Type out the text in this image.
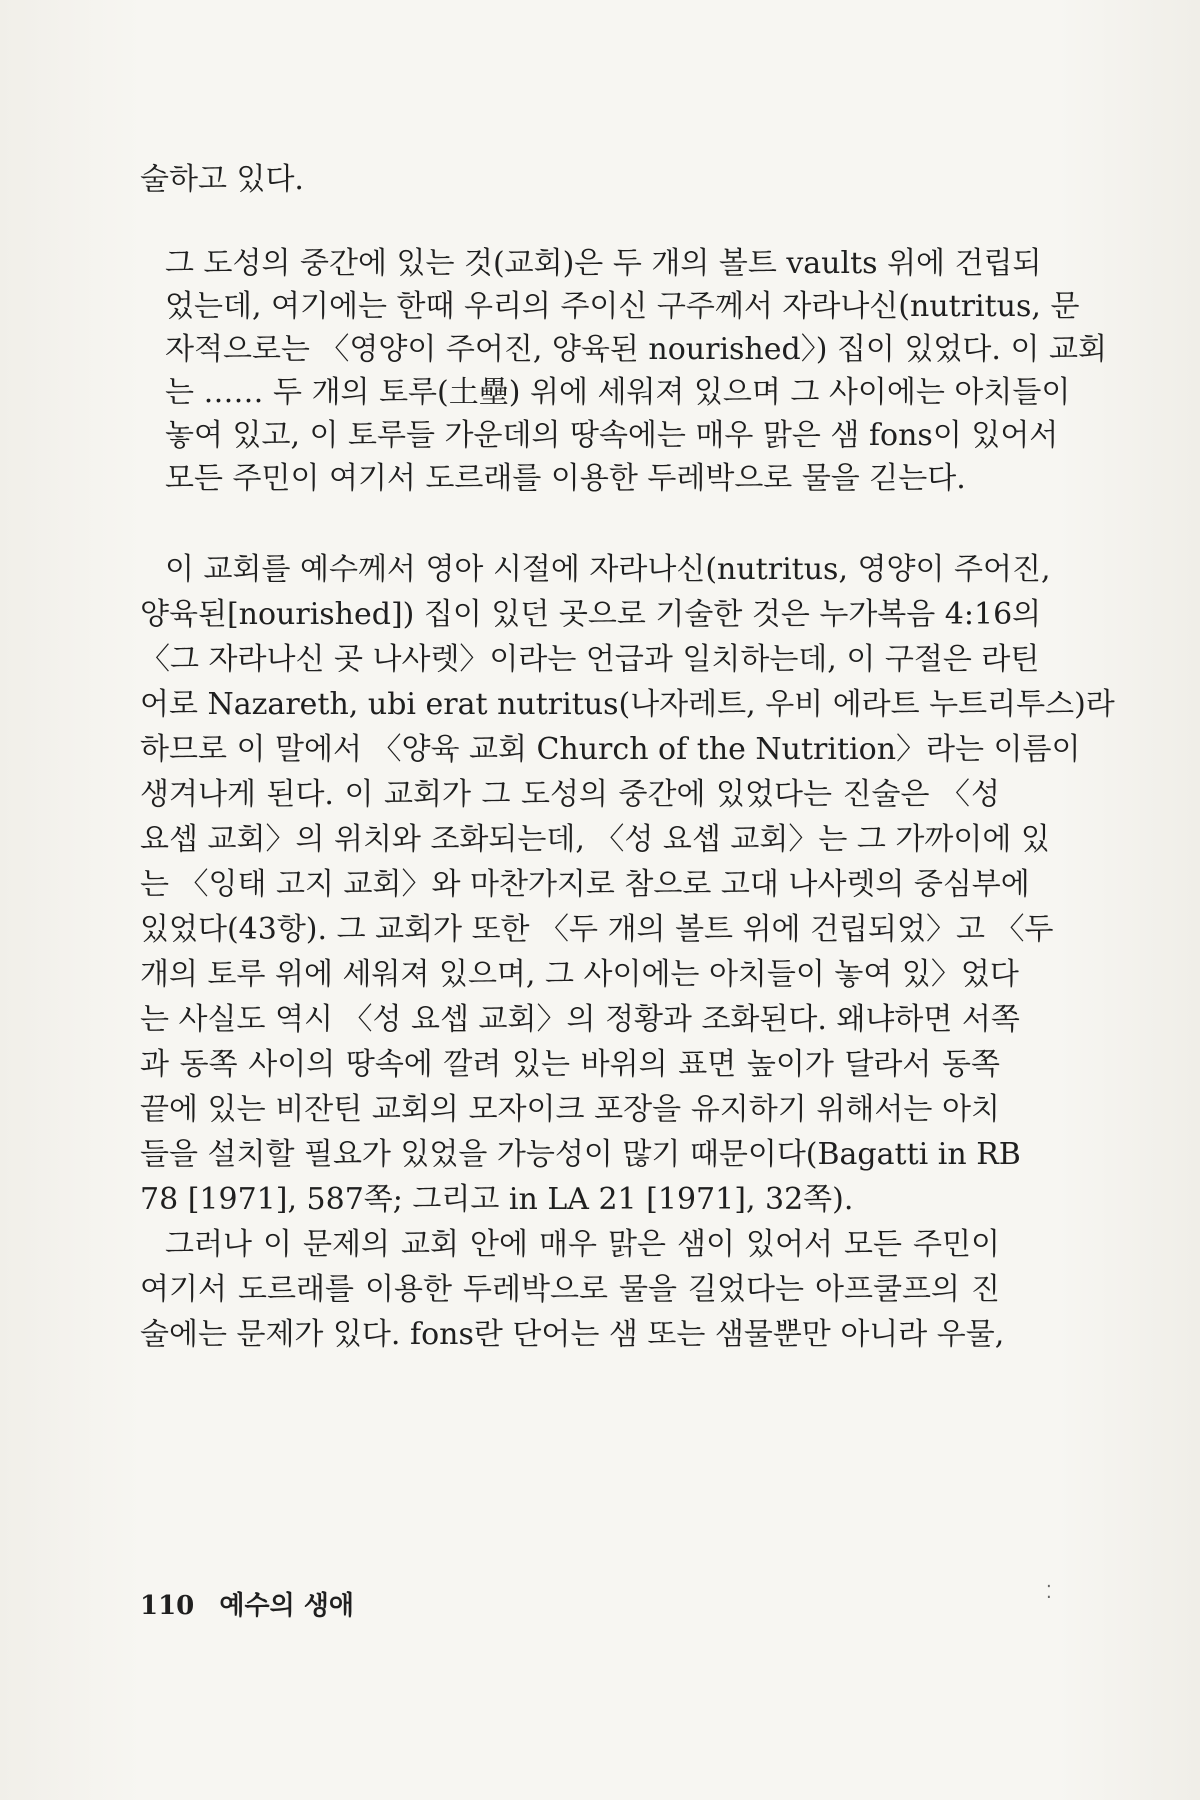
술하고 있다.
그 도성의 중간에 있는 것(교회)은 두 개의 볼트 vaults 위에 건립되
었는데, 여기에는 한때 우리의 주이신 구주께서 자라나신(nutritus, 문
자적으로는 〈영양이 주어진, 양육된 nourished〉) 집이 있었다. 이 교회
는 …… 두 개의 토루(土壘) 위에 세워져 있으며 그 사이에는 아치들이
놓여 있고, 이 토루들 가운데의 땅속에는 매우 맑은 샘 fons이 있어서
모든 주민이 여기서 도르래를 이용한 두레박으로 물을 긷는다.
이 교회를 예수께서 영아 시절에 자라나신(nutritus, 영양이 주어진,
양육된[nourished]) 집이 있던 곳으로 기술한 것은 누가복음 4:16의
〈그 자라나신 곳 나사렛〉이라는 언급과 일치하는데, 이 구절은 라틴
어로 Nazareth, ubi erat nutritus(나자레트, 우비 에라트 누트리투스)라
하므로 이 말에서 〈양육 교회 Church of the Nutrition〉라는 이름이
생겨나게 된다. 이 교회가 그 도성의 중간에 있었다는 진술은 〈성
요셉 교회〉의 위치와 조화되는데, 〈성 요셉 교회〉는 그 가까이에 있
는 〈잉태 고지 교회〉와 마찬가지로 참으로 고대 나사렛의 중심부에
있었다(43항). 그 교회가 또한 〈두 개의 볼트 위에 건립되었〉고 〈두
개의 토루 위에 세워져 있으며, 그 사이에는 아치들이 놓여 있〉었다
는 사실도 역시 〈성 요셉 교회〉의 정황과 조화된다. 왜냐하면 서쪽
과 동쪽 사이의 땅속에 깔려 있는 바위의 표면 높이가 달라서 동쪽
끝에 있는 비잔틴 교회의 모자이크 포장을 유지하기 위해서는 아치
들을 설치할 필요가 있었을 가능성이 많기 때문이다(Bagatti in RB
78 [1971], 587쪽; 그리고 in LA 21 [1971], 32쪽).
그러나 이 문제의 교회 안에 매우 맑은 샘이 있어서 모든 주민이
여기서 도르래를 이용한 두레박으로 물을 길었다는 아프쿨프의 진
술에는 문제가 있다. fons란 단어는 샘 또는 샘물뿐만 아니라 우물,
110 예수의 생애	⁚
